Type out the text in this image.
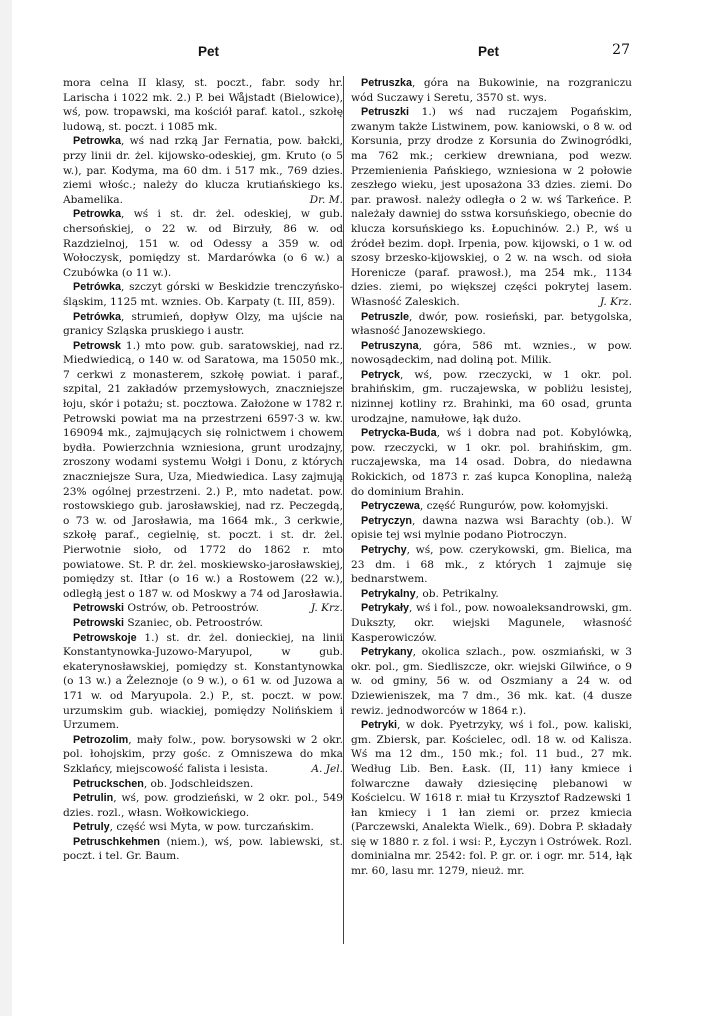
Pet	Pet	27

mora celna II klasy, st. poczt., fabr. sody hr. Larischa i 1022 mk. 2.) P. bei Wåjstadt (Bielowice), wś, pow. tropawski, ma kościół paraf. katol., szkołę ludową, st. poczt. i 1085 mk.

Petrowka, wś nad rzką Jar Fernatia, pow. bałcki, przy linii dr. żel. kijowsko-odeskiej, gm. Kruto (o 5 w.), par. Kodyma, ma 60 dm. i 517 mk., 769 dzies. ziemi włośc.; należy do klucza krutiańskiego ks. Abamelika.	Dr. M.

Petrowka, wś i st. dr. żel. odeskiej, w gub. chersońskiej, o 22 w. od Birzuły, 86 w. od Razdzielnoj, 151 w. od Odessy a 359 w. od Wołoczysk, pomiędzy st. Mardarówka (o 6 w.) a Czubówka (o 11 w.).

Petrówka, szczyt górski w Beskidzie trenczyńsko-śląskim, 1125 mt. wznies. Ob. Karpaty (t. III, 859).

Petrówka, strumień, dopływ Olzy, ma ujście na granicy Szląska pruskiego i austr.

Petrowsk 1.) mto pow. gub. saratowskiej, nad rz. Miedwiedicą, o 140 w. od Saratowa, ma 15050 mk., 7 cerkwi z monasterem, szkołę powiat. i paraf., szpital, 21 zakładów przemysłowych, znaczniejsze łoju, skór i potażu; st. pocztowa. Założone w 1782 r. Petrowski powiat ma na przestrzeni 6597·3 w. kw. 169094 mk., zajmujących się rolnictwem i chowem bydła. Powierzchnia wzniesiona, grunt urodzajny, zroszony wodami systemu Wołgi i Donu, z których znaczniejsze Sura, Uza, Miedwiedica. Lasy zajmują 23% ogólnej przestrzeni. 2.) P., mto nadetat. pow. rostowskiego gub. jarosławskiej, nad rz. Peczegdą, o 73 w. od Jarosławia, ma 1664 mk., 3 cerkwie, szkołę paraf., cegielnię, st. poczt. i st. dr. żel. Pierwotnie sioło, od 1772 do 1862 r. mto powiatowe. St. P. dr. żel. moskiewsko-jarosławskiej, pomiędzy st. Itłar (o 16 w.) a Rostowem (22 w.), odległą jest o 187 w. od Moskwy a 74 od Jarosławia.
J. Krz.

Petrowski Ostrów, ob. Petroostrów.

Petrowski Szaniec, ob. Petroostrów.

Petrowskoje 1.) st. dr. żel. donieckiej, na linii Konstantynowka-Juzowo-Maryupol, w gub. ekaterynosławskiej, pomiędzy st. Konstantynowka (o 13 w.) a Żeleznoje (o 9 w.), o 61 w. od Juzowa a 171 w. od Maryupola. 2.) P., st. poczt. w pow. urzumskim gub. wiackiej, pomiędzy Nolińskiem i Urzumem.

Petrozolim, mały folw., pow. borysowski w 2 okr. pol. łohojskim, przy gośc. z Omniszewa do mka Szklańcy, miejscowość falista i lesista.	A. Jel.

Petruckschen, ob. Jodschleidszen.

Petrulin, wś, pow. grodzieński, w 2 okr. pol., 549 dzies. rozl., własn. Wołkowickiego.

Petruly, część wsi Myta, w pow. turczańskim.

Petruschkehmen (niem.), wś, pow. labiewski, st. poczt. i tel. Gr. Baum.

Petruszka, góra na Bukowinie, na rozgraniczu wód Suczawy i Seretu, 3570 st. wys.

Petruszki 1.) wś nad ruczajem Pogańskim, zwanym także Listwinem, pow. kaniowski, o 8 w. od Korsunia, przy drodze z Korsunia do Zwinogródki, ma 762 mk.; cerkiew drewniana, pod wezw. Przemienienia Pańskiego, wzniesiona w 2 połowie zeszłego wieku, jest uposażona 33 dzies. ziemi. Do par. prawosł. należy odległa o 2 w. wś Tarkeńce. P. należały dawniej do sstwa korsuńskiego, obecnie do klucza korsuńskiego ks. Łopuchinów. 2.) P., wś u źródeł bezim. dopł. Irpenia, pow. kijowski, o 1 w. od szosy brzesko-kijowskiej, o 2 w. na wsch. od sioła Horenicze (paraf. prawosł.), ma 254 mk., 1134 dzies. ziemi, po większej części pokrytej lasem. Własność Zaleskich.	J. Krz.

Petruszle, dwór, pow. rosieński, par. betygolska, własność Janozewskiego.

Petruszyna, góra, 586 mt. wznies., w pow. nowosądeckim, nad doliną pot. Milik.

Petryck, wś, pow. rzeczycki, w 1 okr. pol. brahińskim, gm. ruczajewska, w pobliżu lesistej, nizinnej kotliny rz. Brahinki, ma 60 osad, grunta urodzajne, namułowe, łąk dużo.

Petrycka-Buda, wś i dobra nad pot. Kobylówką, pow. rzeczycki, w 1 okr. pol. brahińskim, gm. ruczajewska, ma 14 osad. Dobra, do niedawna Rokickich, od 1873 r. zaś kupca Konoplina, należą do dominium Brahin.

Petryczewa, część Rungurów, pow. kołomyjski.

Petryczyn, dawna nazwa wsi Barachty (ob.). W opisie tej wsi mylnie podano Piotroczyn.

Petrychy, wś, pow. czerykowski, gm. Bielica, ma 23 dm. i 68 mk., z których 1 zajmuje się bednarstwem.

Petrykalny, ob. Petrikalny.

Petrykały, wś i fol., pow. nowoaleksandrowski, gm. Dukszty, okr. wiejski Magunele, własność Kasperowiczów.

Petrykany, okolica szlach., pow. oszmiański, w 3 okr. pol., gm. Siedliszcze, okr. wiejski Gilwińce, o 9 w. od gminy, 56 w. od Oszmiany a 24 w. od Dziewieniszek, ma 7 dm., 36 mk. kat. (4 dusze rewiz. jednodworców w 1864 r.).

Petryki, w dok. Pyetrzyky, wś i fol., pow. kaliski, gm. Zbiersk, par. Kościelec, odl. 18 w. od Kalisza. Wś ma 12 dm., 150 mk.; fol. 11 bud., 27 mk. Według Lib. Ben. Łask. (II, 11) łany kmiece i folwarczne dawały dziesięcinę plebanowi w Kościelcu. W 1618 r. miał tu Krzysztof Radzewski 1 łan kmiecy i 1 łan ziemi or. przez kmiecia (Parczewski, Analekta Wielk., 69). Dobra P. składały się w 1880 r. z fol. i wsi: P., Łyczyn i Ostrówek. Rozl. dominialna mr. 2542: fol. P. gr. or. i ogr. mr. 514, łąk mr. 60, lasu mr. 1279, nieuż. mr.
